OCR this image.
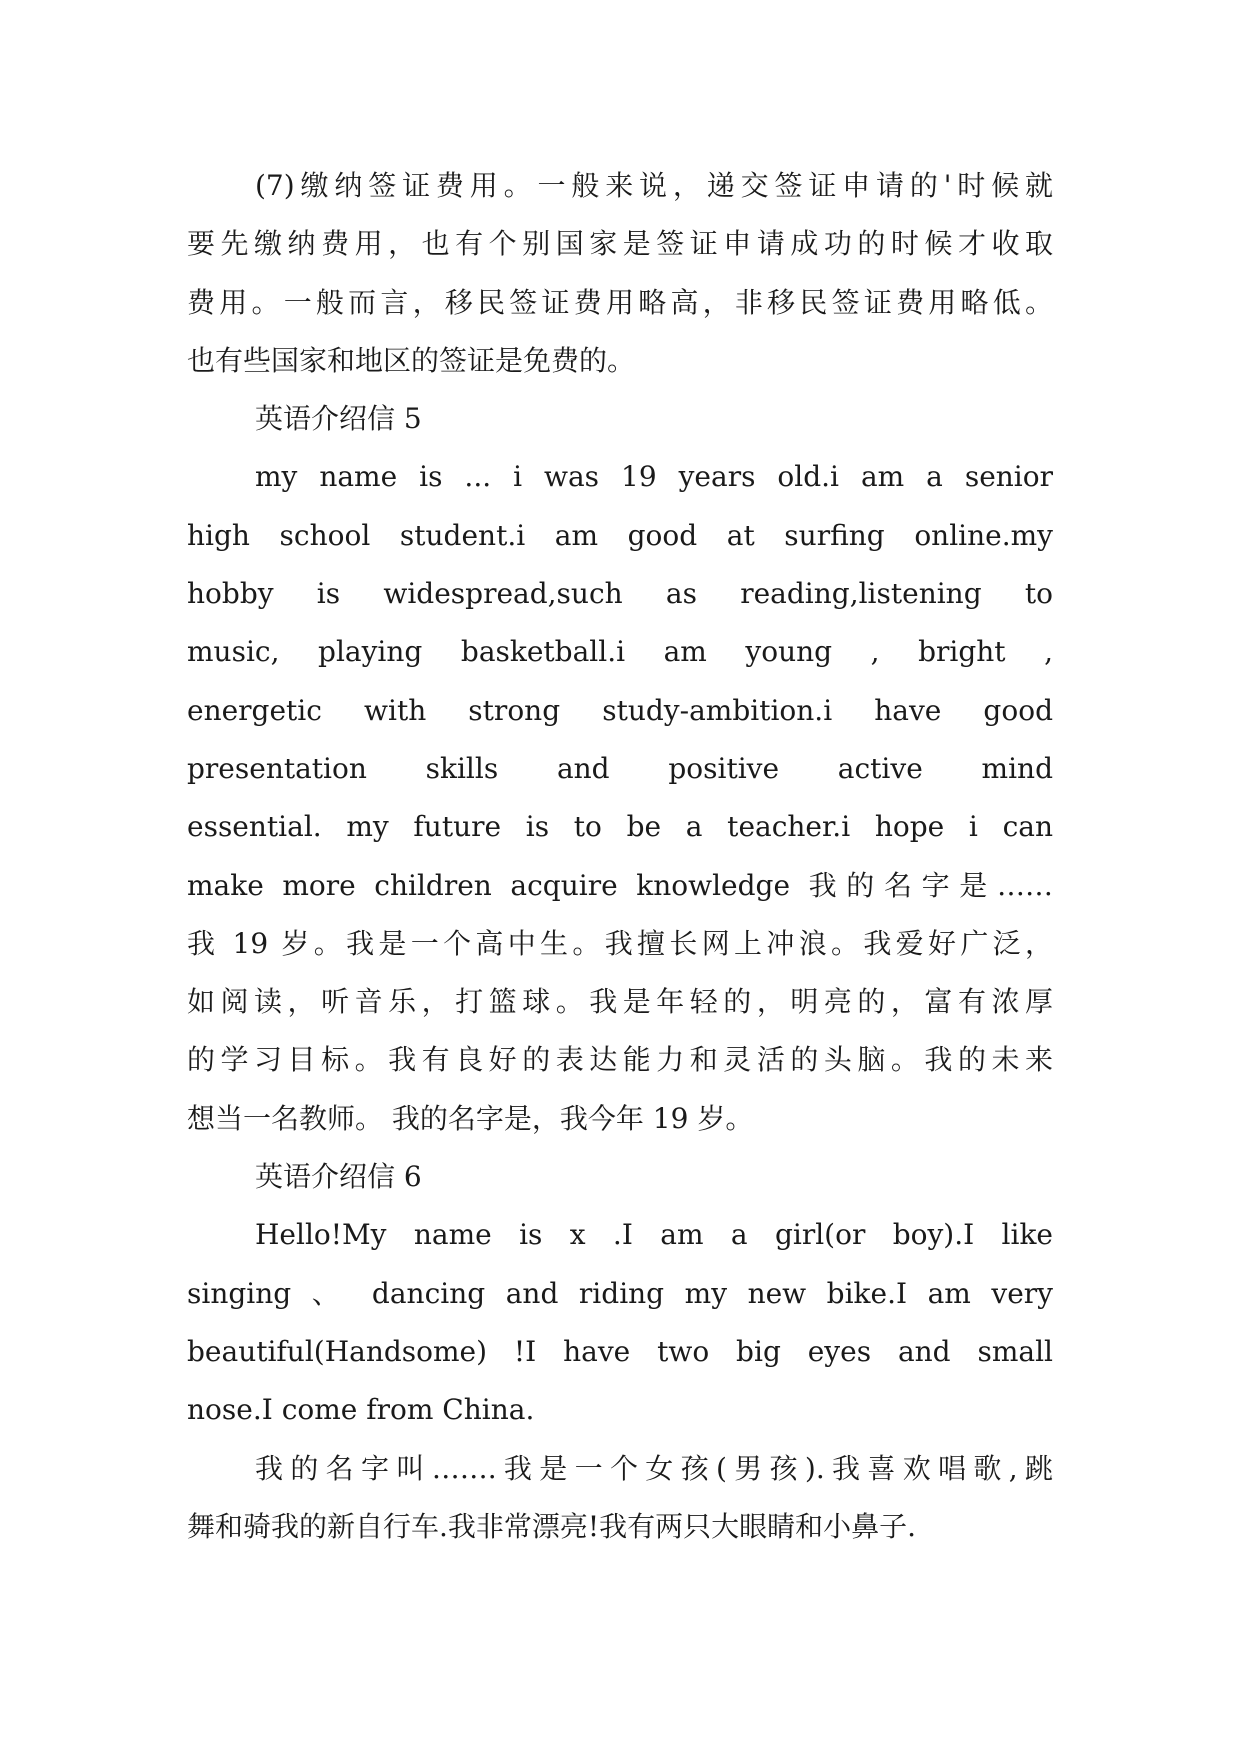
(7)缴纳签证费用。一般来说，递交签证申请的'时候就
要先缴纳费用，也有个别国家是签证申请成功的时候才收取
费用。一般而言，移民签证费用略高，非移民签证费用略低。
也有些国家和地区的签证是免费的。
英语介绍信 5
my name is ... i was 19 years old.i am a senior
high school student.i am good at surfing online.my
hobby is widespread,such as reading,listening to
music, playing basketball.i am young , bright ,
energetic with strong study-ambition.i have good
presentation skills and positive active mind
essential. my future is to be a teacher.i hope i can
make more children acquire knowledge 我的名字是……
我 19 岁。我是一个高中生。我擅长网上冲浪。我爱好广泛，
如阅读，听音乐，打篮球。我是年轻的，明亮的，富有浓厚
的学习目标。我有良好的表达能力和灵活的头脑。我的未来
想当一名教师。 我的名字是，我今年 19 岁。
英语介绍信 6
Hello!My name is x .I am a girl(or boy).I like
singing 、 dancing and riding my new bike.I am very
beautiful(Handsome) !I have two big eyes and small
nose.I come from China.
我的名字叫…….我是一个女孩(男孩).我喜欢唱歌,跳
舞和骑我的新自行车.我非常漂亮!我有两只大眼睛和小鼻子.
